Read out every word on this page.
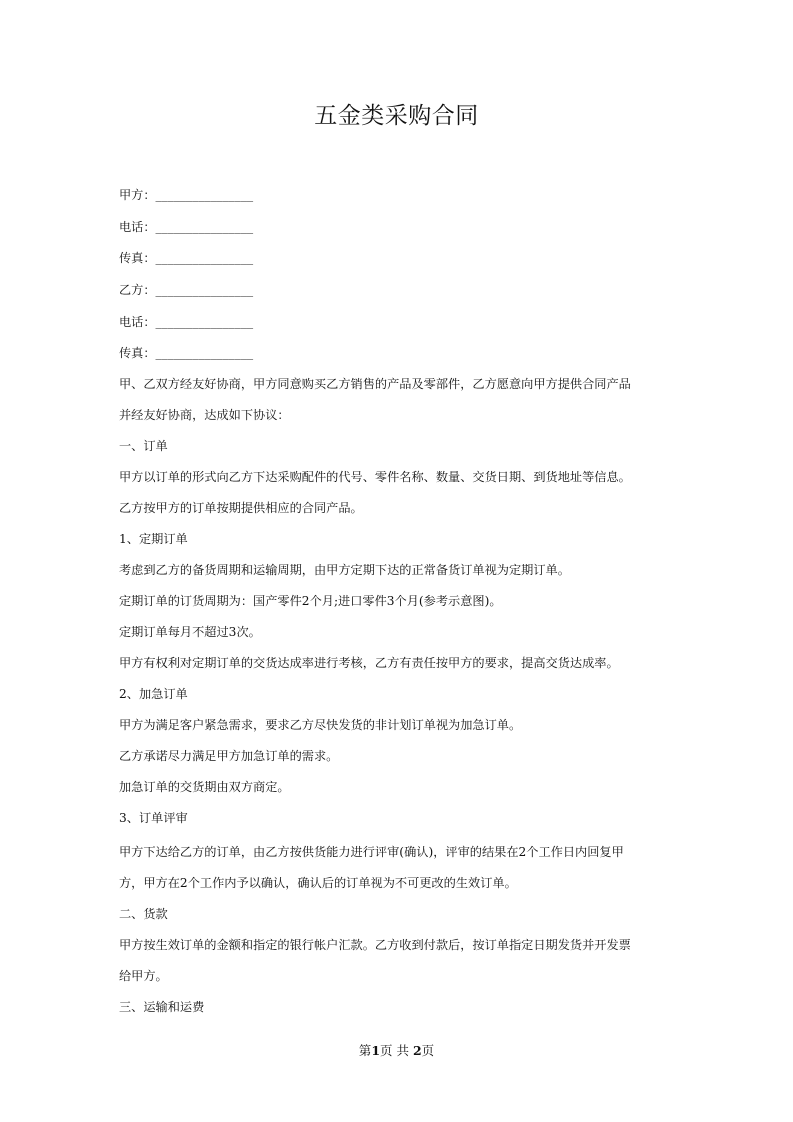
五金类采购合同
甲方：________________
电话：________________
传真：________________
乙方：________________
电话：________________
传真：________________
甲、乙双方经友好协商，甲方同意购买乙方销售的产品及零部件，乙方愿意向甲方提供合同产品
并经友好协商，达成如下协议：
一、订单
甲方以订单的形式向乙方下达采购配件的代号、零件名称、数量、交货日期、到货地址等信息。
乙方按甲方的订单按期提供相应的合同产品。
1、定期订单
考虑到乙方的备货周期和运输周期，由甲方定期下达的正常备货订单视为定期订单。
定期订单的订货周期为：国产零件2个月;进口零件3个月(参考示意图)。
定期订单每月不超过3次。
甲方有权利对定期订单的交货达成率进行考核，乙方有责任按甲方的要求，提高交货达成率。
2、加急订单
甲方为满足客户紧急需求，要求乙方尽快发货的非计划订单视为加急订单。
乙方承诺尽力满足甲方加急订单的需求。
加急订单的交货期由双方商定。
3、订单评审
甲方下达给乙方的订单，由乙方按供货能力进行评审(确认)，评审的结果在2个工作日内回复甲
方，甲方在2个工作内予以确认，确认后的订单视为不可更改的生效订单。
二、货款
甲方按生效订单的金额和指定的银行帐户汇款。乙方收到付款后，按订单指定日期发货并开发票
给甲方。
三、运输和运费
第1页 共 2页
